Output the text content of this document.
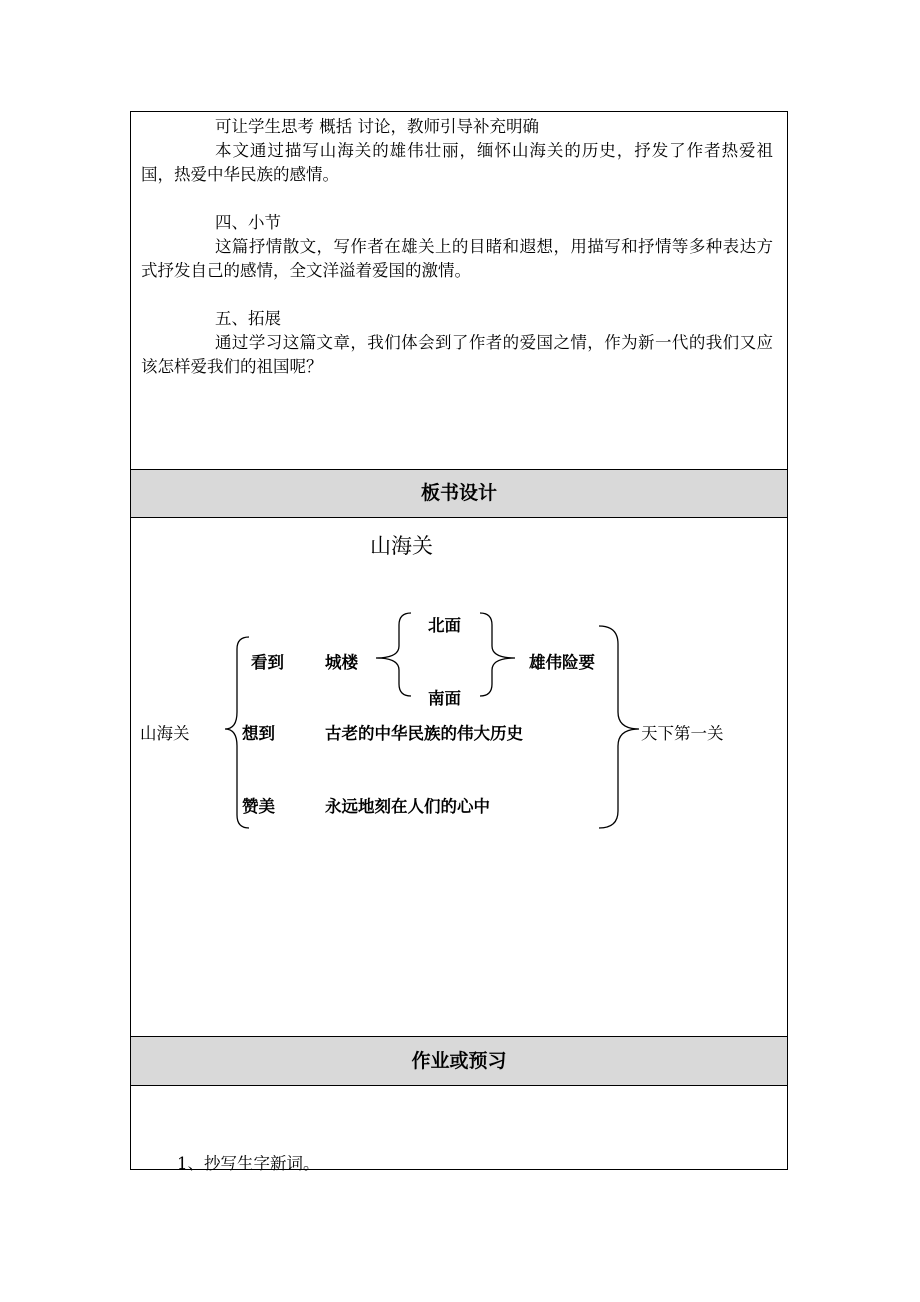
可让学生思考 概括 讨论，教师引导补充明确

本文通过描写山海关的雄伟壮丽，缅怀山海关的历史，抒发了作者热爱祖国，热爱中华民族的感情。

四、小节

这篇抒情散文，写作者在雄关上的目睹和遐想，用描写和抒情等多种表达方式抒发自己的感情，全文洋溢着爱国的激情。

五、拓展

通过学习这篇文章，我们体会到了作者的爱国之情，作为新一代的我们又应该怎样爱我们的祖国呢？

板书设计
山海关
山海关
看到
想到
赞美
城楼
北面
南面
雄伟险要
古老的中华民族的伟大历史
永远地刻在人们的心中
天下第一关
作业或预习
1、抄写生字新词。
